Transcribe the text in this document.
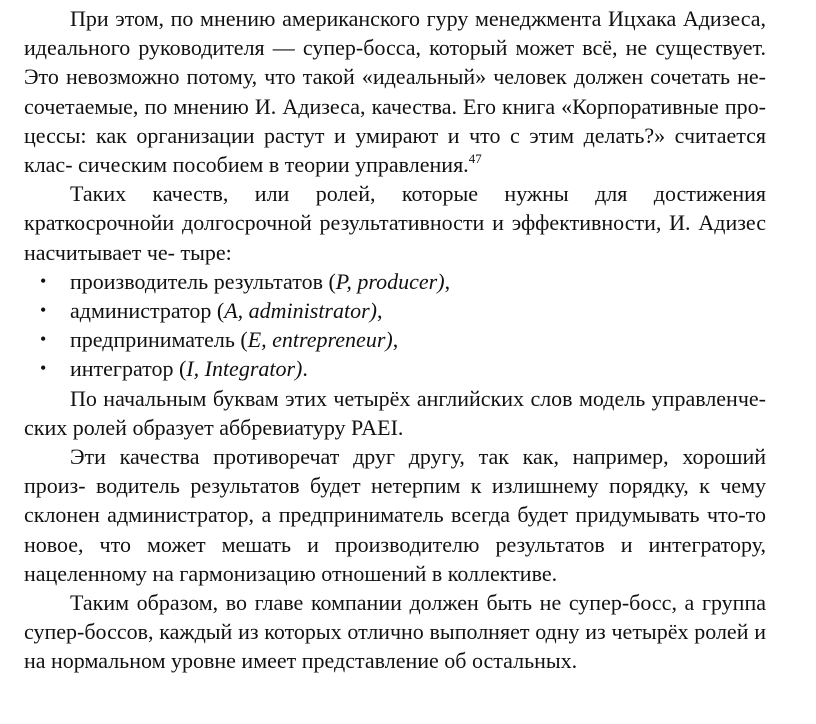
При этом, по мнению американского гуру менеджмента Ицхака Адизеса, идеального руководителя — супер-босса, который может всё, не существует. Это невозможно потому, что такой «идеальный» человек должен сочетать не- сочетаемые, по мнению И. Адизеса, качества. Его книга «Корпоративные про- цессы: как организации растут и умирают и что с этим делать?» считается клас- сическим пособием в теории управления.$^{47}$

Таких качеств, или ролей, которые нужны для достижения краткосрочнойи долгосрочной результативности и эффективности, И. Адизес насчитывает че- тыре:

• производитель результатов (P, producer),
• администратор (A, administrator),
• предприниматель (E, entrepreneur),
• интегратор (I, Integrator).

По начальным буквам этих четырёх английских слов модель управленче- ских ролей образует аббревиатуру PAEI.

Эти качества противоречат друг другу, так как, например, хороший произ- водитель результатов будет нетерпим к излишнему порядку, к чему склонен администратор, а предприниматель всегда будет придумывать что-то новое, что может мешать и производителю результатов и интегратору, нацеленному на гармонизацию отношений в коллективе.

Таким образом, во главе компании должен быть не супер-босс, а группа супер-боссов, каждый из которых отлично выполняет одну из четырёх ролей и на нормальном уровне имеет представление об остальных.
